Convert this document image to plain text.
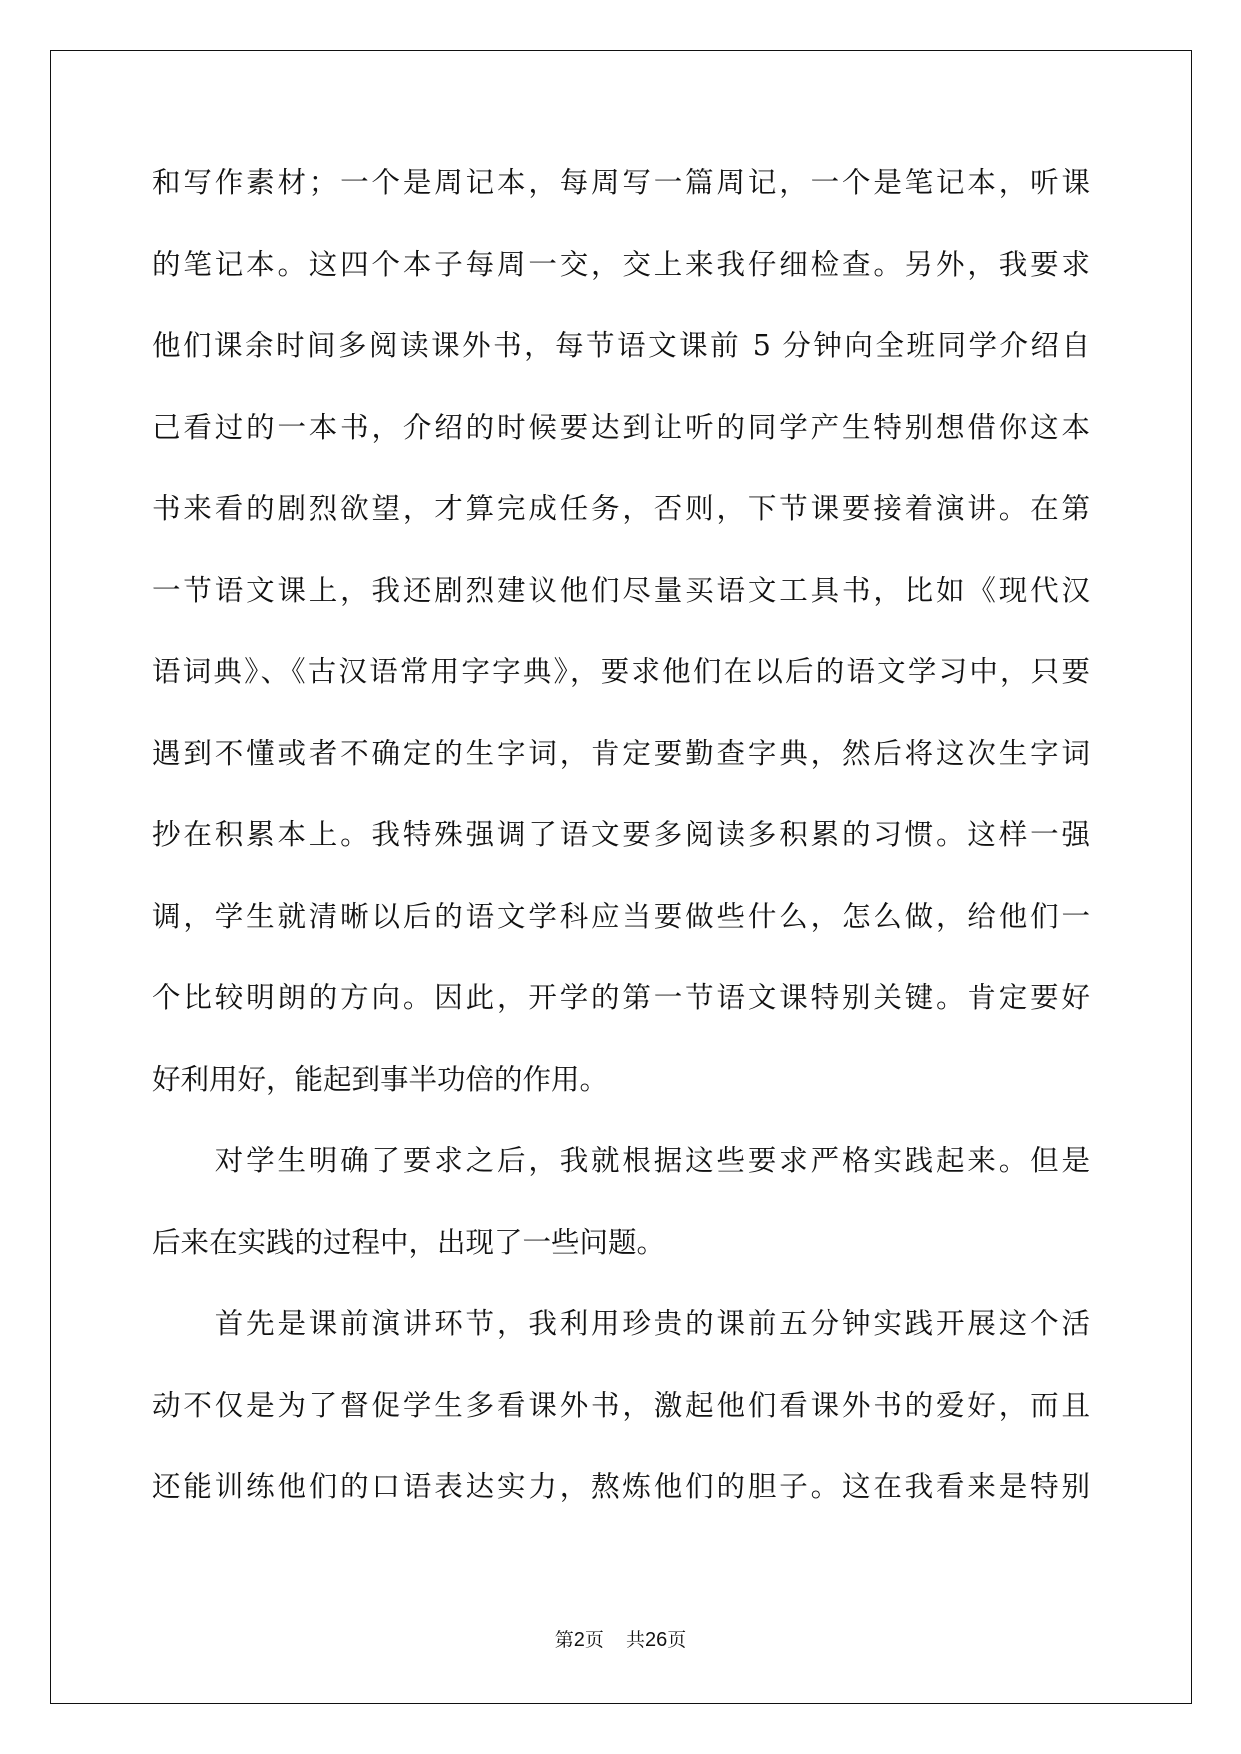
和写作素材；一个是周记本，每周写一篇周记，一个是笔记本，听课
的笔记本。这四个本子每周一交，交上来我仔细检查。另外，我要求
他们课余时间多阅读课外书，每节语文课前 5 分钟向全班同学介绍自
己看过的一本书，介绍的时候要达到让听的同学产生特别想借你这本
书来看的剧烈欲望，才算完成任务，否则，下节课要接着演讲。在第
一节语文课上，我还剧烈建议他们尽量买语文工具书，比如《现代汉
语词典》、《古汉语常用字字典》，要求他们在以后的语文学习中，只要
遇到不懂或者不确定的生字词，肯定要勤查字典，然后将这次生字词
抄在积累本上。我特殊强调了语文要多阅读多积累的习惯。这样一强
调，学生就清晰以后的语文学科应当要做些什么，怎么做，给他们一
个比较明朗的方向。因此，开学的第一节语文课特别关键。肯定要好
好利用好，能起到事半功倍的作用。
　　对学生明确了要求之后，我就根据这些要求严格实践起来。但是
后来在实践的过程中，出现了一些问题。
　　首先是课前演讲环节，我利用珍贵的课前五分钟实践开展这个活
动不仅是为了督促学生多看课外书，激起他们看课外书的爱好，而且
还能训练他们的口语表达实力，熬炼他们的胆子。这在我看来是特别
第2页 共26页
